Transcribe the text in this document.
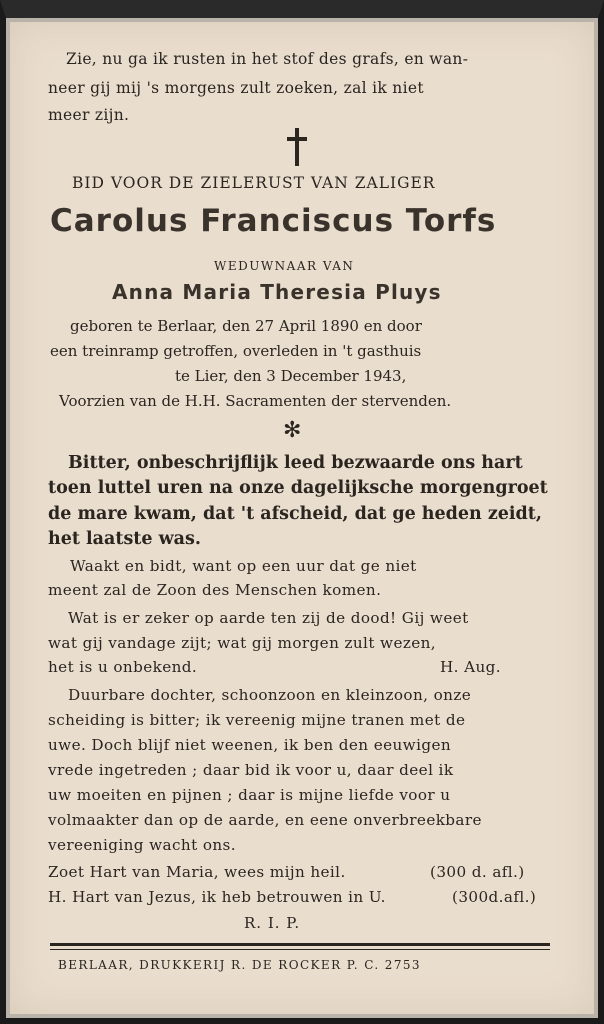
Zie, nu ga ik rusten in het stof des grafs, en wan-
neer gij mij 's morgens zult zoeken, zal ik niet
meer zijn.
BID VOOR DE ZIELERUST VAN ZALIGER
Carolus Franciscus Torfs
WEDUWNAAR VAN
Anna Maria Theresia Pluys
geboren te Berlaar, den 27 April 1890 en door
een treinramp getroffen, overleden in 't gasthuis
te Lier, den 3 December 1943,
Voorzien van de H.H. Sacramenten der stervenden.
✻
Bitter, onbeschrijflijk leed bezwaarde ons hart
toen luttel uren na onze dagelijksche morgengroet
de mare kwam, dat 't afscheid, dat ge heden zeidt,
het laatste was.
Waakt en bidt, want op een uur dat ge niet
meent zal de Zoon des Menschen komen.
Wat is er zeker op aarde ten zij de dood! Gij weet
wat gij vandage zijt; wat gij morgen zult wezen,
het is u onbekend.	H. Aug.
Duurbare dochter, schoonzoon en kleinzoon, onze
scheiding is bitter; ik vereenig mijne tranen met de
uwe. Doch blijf niet weenen, ik ben den eeuwigen
vrede ingetreden ; daar bid ik voor u, daar deel ik
uw moeiten en pijnen ; daar is mijne liefde voor u
volmaakter dan op de aarde, en eene onverbreekbare
vereeniging wacht ons.
Zoet Hart van Maria, wees mijn heil.	(300 d. afl.)
H. Hart van Jezus, ik heb betrouwen in U.	(300d.afl.)
R. I. P.
BERLAAR, DRUKKERIJ R. DE ROCKER P. C. 2753
